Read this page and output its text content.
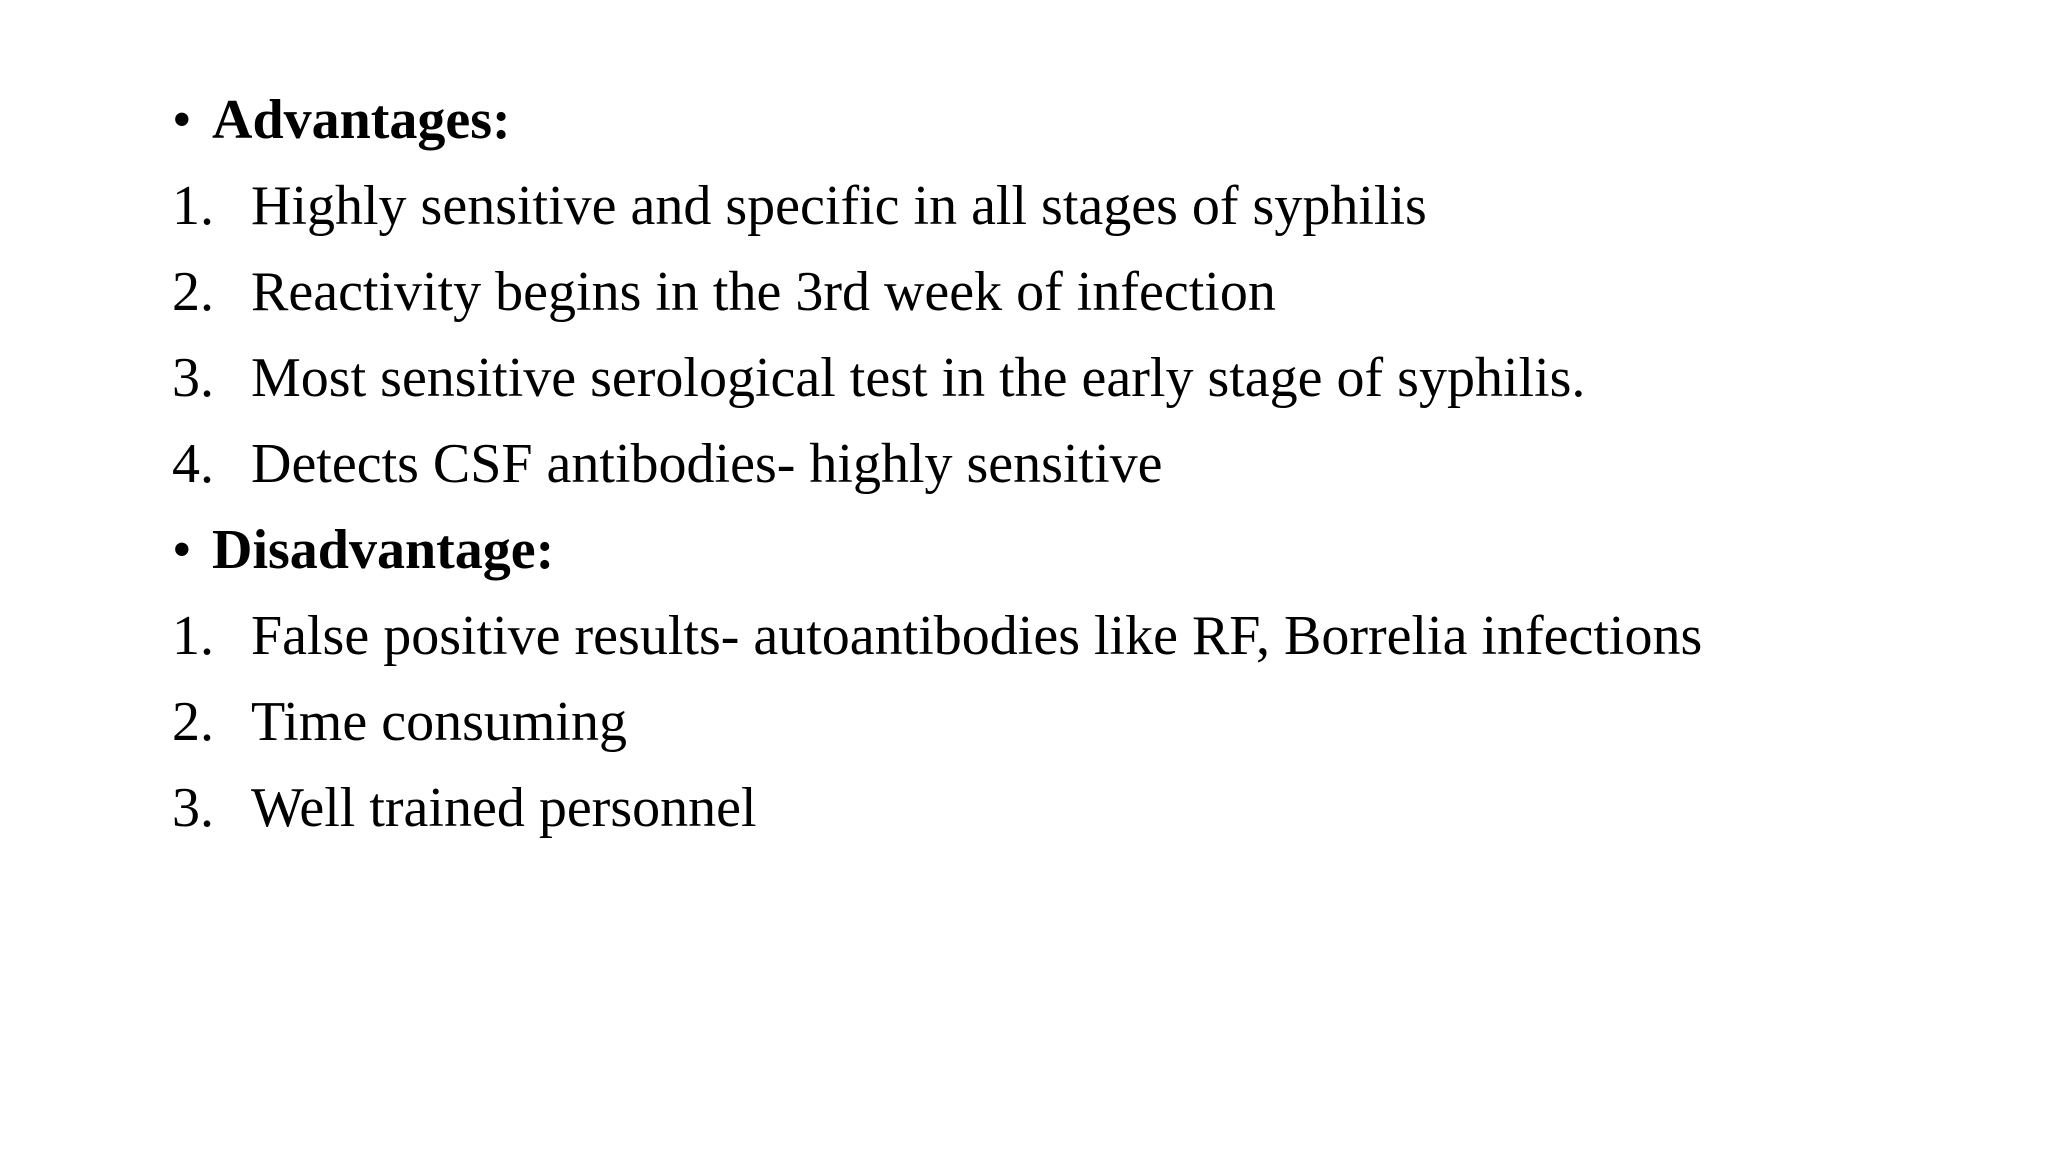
• Advantages:
1. Highly sensitive and specific in all stages of syphilis
2. Reactivity begins in the 3rd week of infection
3. Most sensitive serological test in the early stage of syphilis.
4. Detects CSF antibodies- highly sensitive
• Disadvantage:
1. False positive results- autoantibodies like RF, Borrelia infections
2. Time consuming
3. Well trained personnel
